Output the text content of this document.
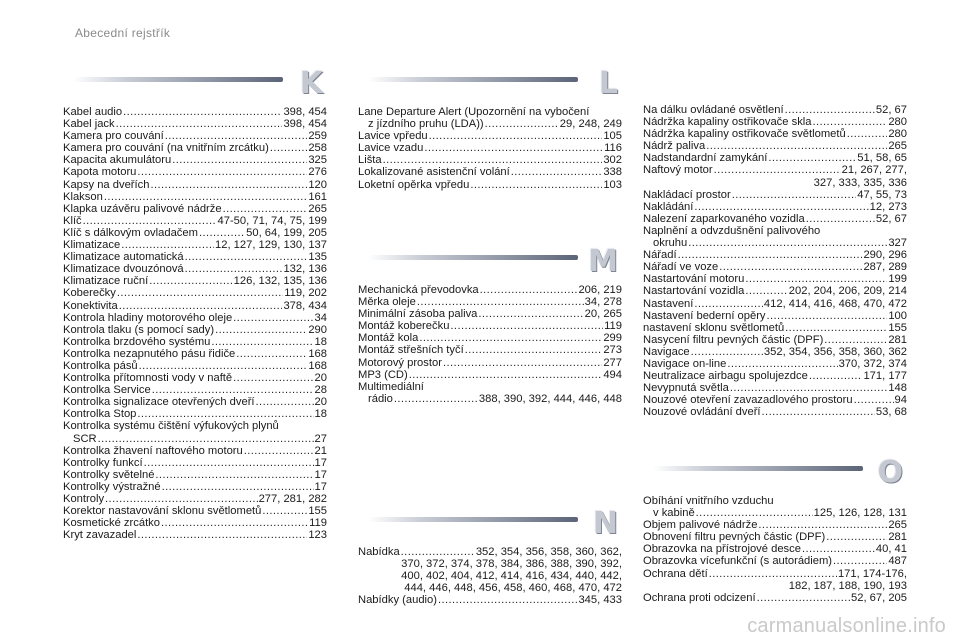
Abecední rejstřík
K
Kabel audio .....	398, 454
Kabel jack .....	398, 454
Kamera pro couvání .....	259
Kamera pro couvání (na vnitřním zrcátku) .....	258
Kapacita akumulátoru .....	325
Kapota motoru .....	276
Kapsy na dveřích .....	120
Klakson .....	161
Klapka uzávěru palivové nádrže .....	265
Klíč .....	47-50, 71, 74, 75, 199
Klíč s dálkovým ovladačem .....	50, 64, 199, 205
Klimatizace .....	12, 127, 129, 130, 137
Klimatizace automatická .....	135
Klimatizace dvouzónová .....	132, 136
Klimatizace ruční .....	126, 132, 135, 136
Koberečky .....	119, 202
Konektivita .....	378, 434
Kontrola hladiny motorového oleje .....	34
Kontrola tlaku (s pomocí sady) .....	290
Kontrolka brzdového systému .....	18
Kontrolka nezapnutého pásu řidiče .....	168
Kontrolka pásů .....	168
Kontrolka přítomnosti vody v naftě .....	20
Kontrolka Service .....	28
Kontrolka signalizace otevřených dveří .....	20
Kontrolka Stop .....	18
Kontrolka systému čištění výfukových plynů
SCR .....	27
Kontrolka žhavení naftového motoru .....	21
Kontrolky funkcí .....	17
Kontrolky světelné .....	17
Kontrolky výstražné .....	17
Kontroly .....	277, 281, 282
Korektor nastavování sklonu světlometů .....	155
Kosmetické zrcátko .....	119
Kryt zavazadel .....	123
L
Lane Departure Alert (Upozornění na vybočení
z jízdního pruhu (LDA)) .....	29, 248, 249
Lavice vpředu .....	105
Lavice vzadu .....	116
Lišta .....	302
Lokalizované asistenční volání .....	338
Loketní opěrka vpředu .....	103
M
Mechanická převodovka .....	206, 219
Měrka oleje .....	34, 278
Minimální zásoba paliva .....	20, 265
Montáž koberečku .....	119
Montáž kola .....	299
Montáž střešních tyčí .....	273
Motorový prostor .....	277
MP3 (CD) .....	494
Multimediální
rádio .....	388, 390, 392, 444, 446, 448
N
Nabídka .....	352, 354, 356, 358, 360, 362,
370, 372, 374, 378, 384, 386, 388, 390, 392,
400, 402, 404, 412, 414, 416, 434, 440, 442,
444, 446, 448, 456, 458, 460, 468, 470, 472
Nabídky (audio) .....	345, 433
Na dálku ovládané osvětlení .....	52, 67
Nádržka kapaliny ostřikovače skla .....	280
Nádržka kapaliny ostřikovače světlometů .....	280
Nádrž paliva .....	265
Nadstandardní zamykání .....	51, 58, 65
Naftový motor .....	21, 267, 277,
327, 333, 335, 336
Nakládací prostor .....	47, 55, 73
Nakládání .....	12, 273
Nalezení zaparkovaného vozidla .....	52, 67
Naplnění a odvzdušnění palivového
okruhu .....	327
Nářadí .....	290, 296
Nářadí ve voze .....	287, 289
Nastartování motoru .....	199
Nastartování vozidla .....	202, 204, 206, 209, 214
Nastavení .....	412, 414, 416, 468, 470, 472
Nastavení bederní opěry .....	100
nastavení sklonu světlometů .....	155
Nasycení filtru pevných částic (DPF) .....	281
Navigace .....	352, 354, 356, 358, 360, 362
Navigace on-line .....	370, 372, 374
Neutralizace airbagu spolujezdce .....	171, 177
Nevypnutá světla .....	148
Nouzové otevření zavazadlového prostoru .....	94
Nouzové ovládání dveří .....	53, 68
O
Obíhání vnitřního vzduchu
v kabině .....	125, 126, 128, 131
Objem palivové nádrže .....	265
Obnovení filtru pevných částic (DPF) .....	281
Obrazovka na přístrojové desce .....	40, 41
Obrazovka vícefunkční (s autorádiem) .....	487
Ochrana dětí .....	171, 174-176,
182, 187, 188, 190, 193
Ochrana proti odcizení .....	52, 67, 205
carmanualsonline.info
